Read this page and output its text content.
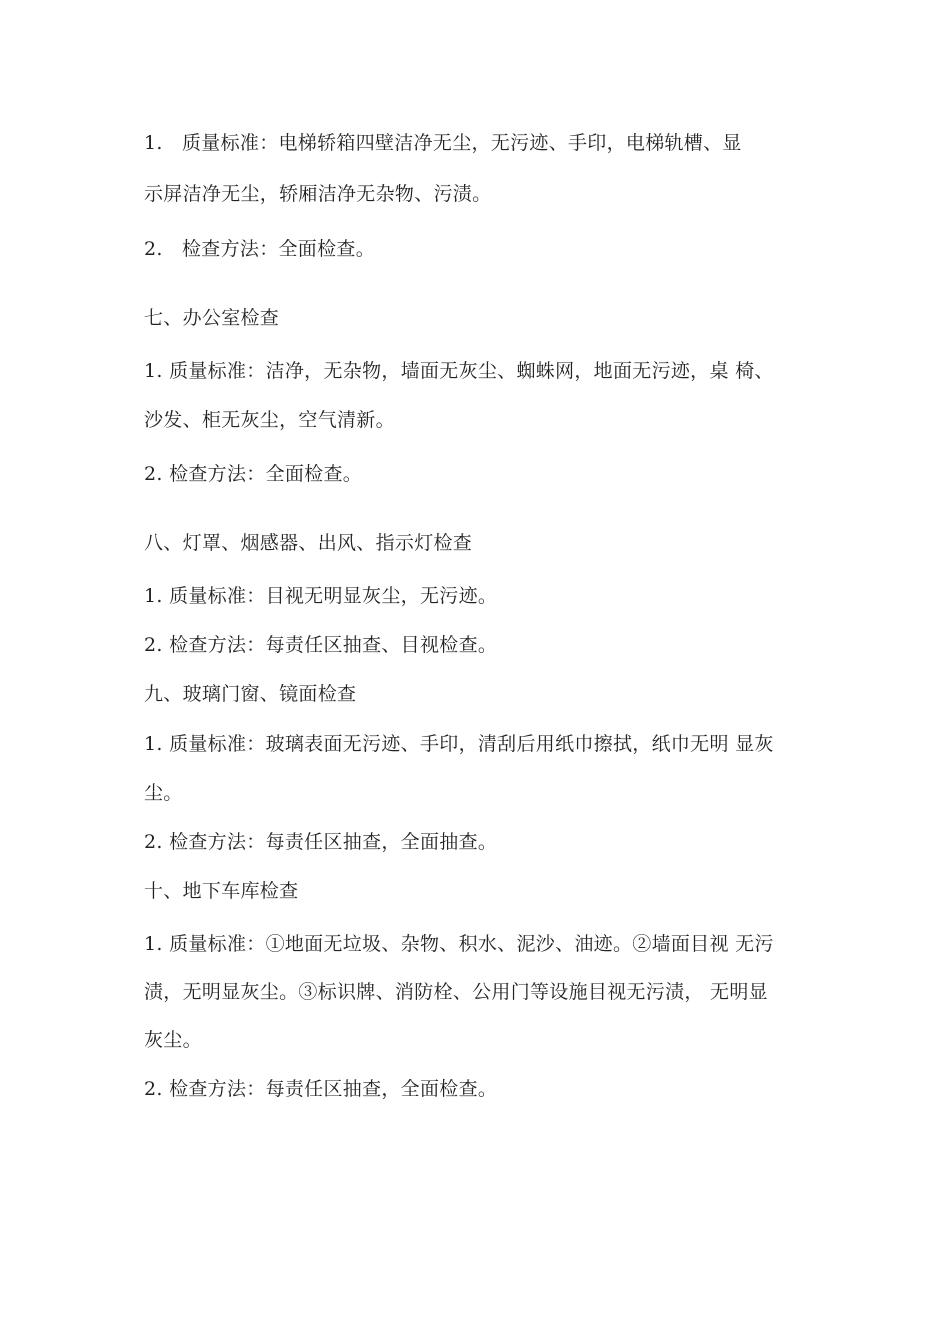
1. 质量标准：电梯轿箱四壁洁净无尘，无污迹、手印，电梯轨槽、显
示屏洁净无尘，轿厢洁净无杂物、污渍。
2. 检查方法：全面检查。
七、办公室检查
1. 质量标准：洁净，无杂物，墙面无灰尘、蜘蛛网，地面无污迹，桌 椅、
沙发、柜无灰尘，空气清新。
2. 检查方法：全面检查。
八、灯罩、烟感器、出风、指示灯检查
1. 质量标准：目视无明显灰尘，无污迹。
2. 检查方法：每责任区抽查、目视检查。
九、玻璃门窗、镜面检查
1. 质量标准：玻璃表面无污迹、手印，清刮后用纸巾擦拭，纸巾无明 显灰
尘。
2. 检查方法：每责任区抽查，全面抽查。
十、地下车库检查
1. 质量标准：①地面无垃圾、杂物、积水、泥沙、油迹。②墙面目视 无污
渍，无明显灰尘。③标识牌、消防栓、公用门等设施目视无污渍， 无明显
灰尘。
2. 检查方法：每责任区抽查，全面检查。
